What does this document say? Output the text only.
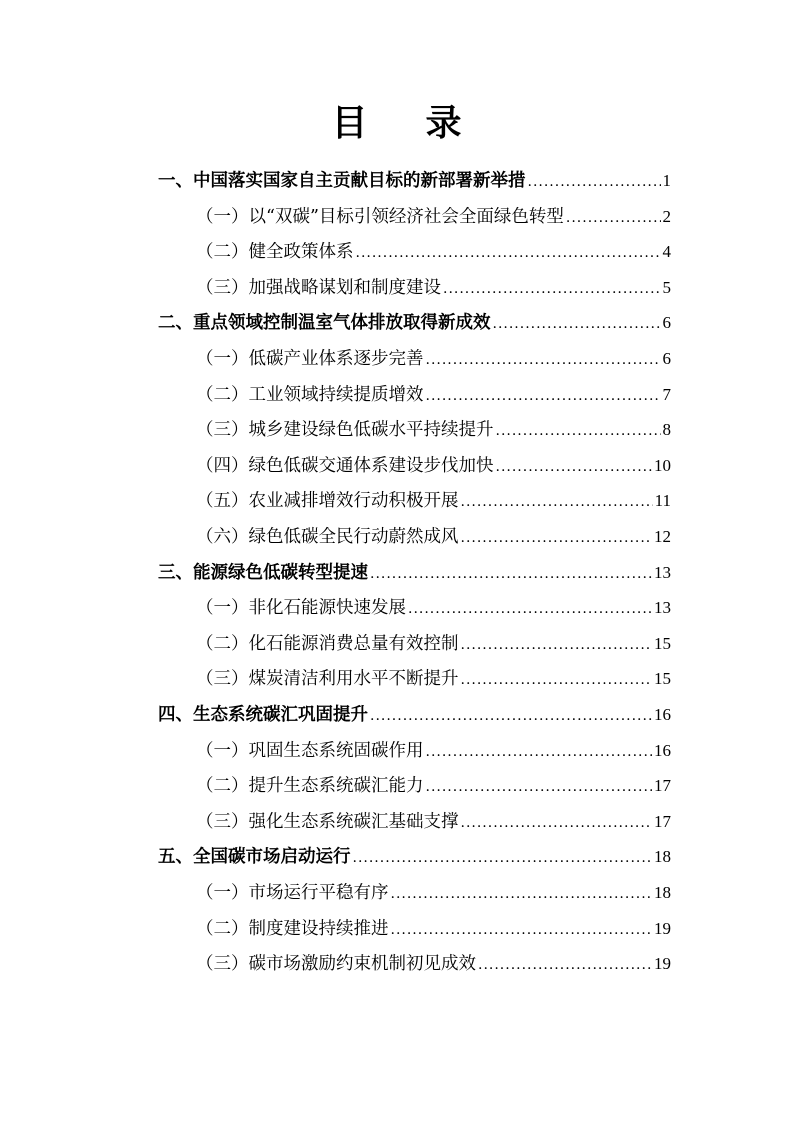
目 录
一、中国落实国家自主贡献目标的新部署新举措 .....	1
（一）以“双碳”目标引领经济社会全面绿色转型 .....	2
（二）健全政策体系 .....	4
（三）加强战略谋划和制度建设 .....	5
二、重点领域控制温室气体排放取得新成效 .....	6
（一）低碳产业体系逐步完善 .....	6
（二）工业领域持续提质增效 .....	7
（三）城乡建设绿色低碳水平持续提升 .....	8
（四）绿色低碳交通体系建设步伐加快 .....	10
（五）农业减排增效行动积极开展 .....	11
（六）绿色低碳全民行动蔚然成风 .....	12
三、能源绿色低碳转型提速 .....	13
（一）非化石能源快速发展 .....	13
（二）化石能源消费总量有效控制 .....	15
（三）煤炭清洁利用水平不断提升 .....	15
四、生态系统碳汇巩固提升 .....	16
（一）巩固生态系统固碳作用 .....	16
（二）提升生态系统碳汇能力 .....	17
（三）强化生态系统碳汇基础支撑 .....	17
五、全国碳市场启动运行 .....	18
（一）市场运行平稳有序 .....	18
（二）制度建设持续推进 .....	19
（三）碳市场激励约束机制初见成效 .....	19
